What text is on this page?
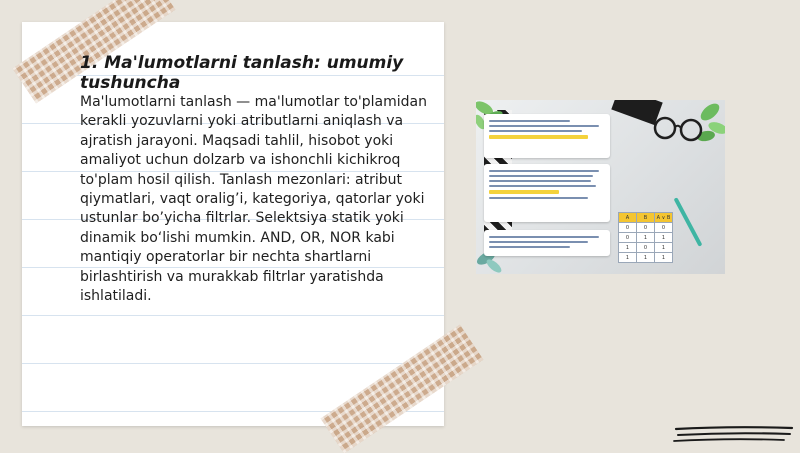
1. Ma'lumotlarni tanlash: umumiy tushuncha

Ma'lumotlarni tanlash — ma'lumotlar to'plamidan kerakli yozuvlarni yoki atributlarni aniqlash va ajratish jarayoni. Maqsadi tahlil, hisobot yoki amaliyot uchun dolzarb va ishonchli kichikroq to'plam hosil qilish. Tanlash mezonlari: atribut qiymatlari, vaqt oralig’i, kategoriya, qatorlar yoki ustunlar bo’yicha filtrlar. Selektsiya statik yoki dinamik bo‘lishi mumkin. AND, OR, NOR kabi mantiqiy operatorlar bir nechta shartlarni birlashtirish va murakkab filtrlar yaratishda ishlatiladi.

A	B	A ∨ B
0	0	0
0	1	1
1	0	1
1	1	1
